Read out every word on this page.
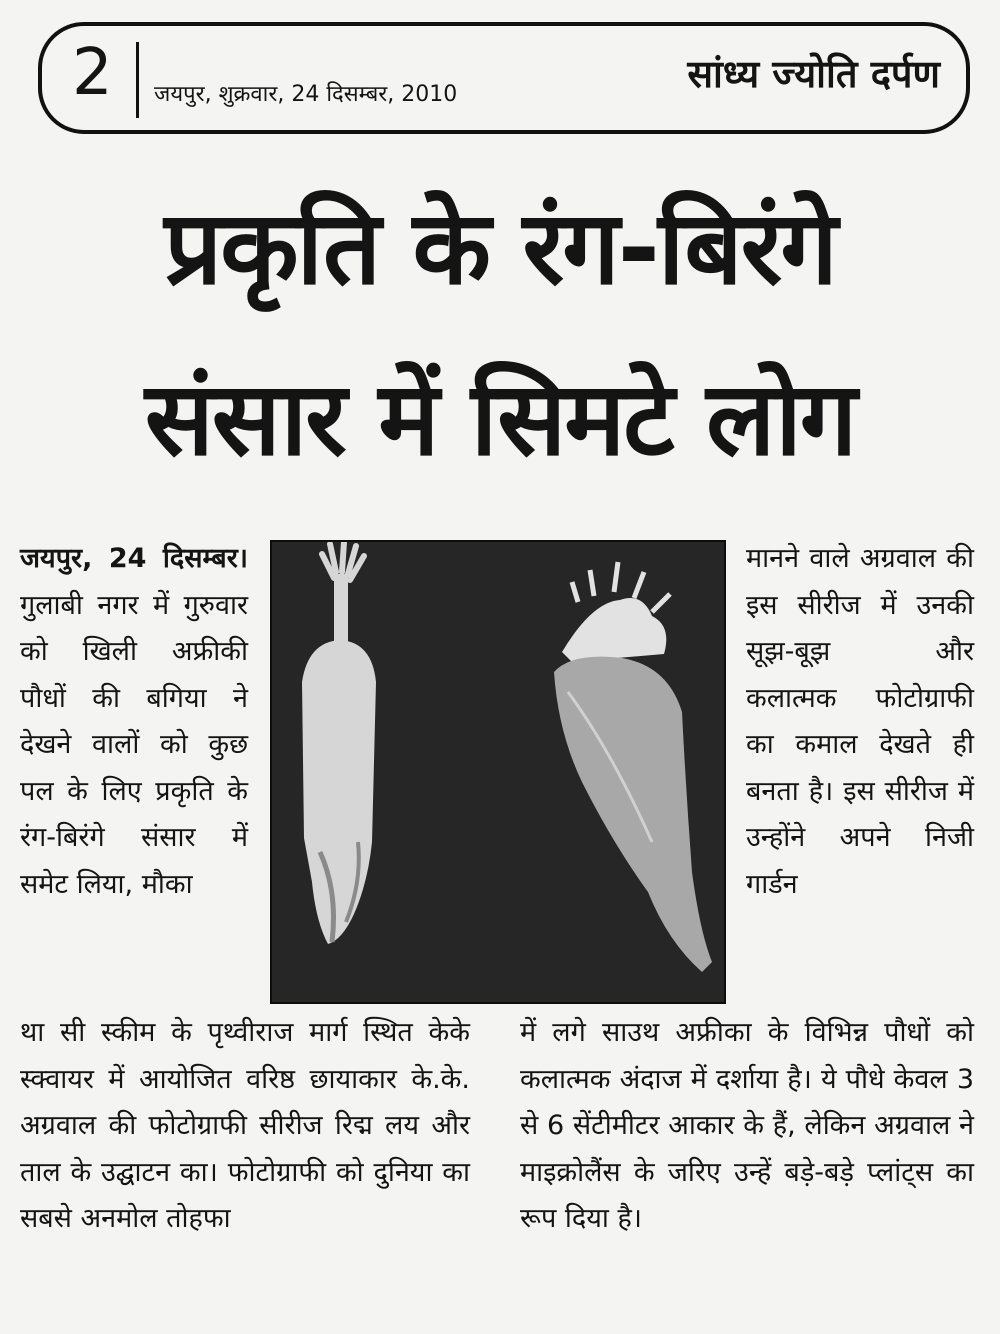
2 जयपुर, शुक्रवार, 24 दिसम्बर, 2010	सांध्य ज्योति दर्पण
प्रकृति के रंग-बिरंगे
संसार में सिमटे लोग

जयपुर, 24 दिसम्बर। गुलाबी नगर में गुरुवार को खिली अफ्रीकी पौधों की बगिया ने देखने वालों को कुछ पल के लिए प्रकृति के रंग-बिरंगे संसार में समेट लिया, मौका

मानने वाले अग्रवाल की इस सीरीज में उनकी सूझ-बूझ और कलात्मक फोटोग्राफी का कमाल देखते ही बनता है। इस सीरीज में उन्होंने अपने निजी गार्डन

था सी स्कीम के पृथ्वीराज मार्ग स्थित केके स्क्वायर में आयोजित वरिष्ठ छायाकार के.के. अग्रवाल की फोटोग्राफी सीरीज रिद्म लय और ताल के उद्घाटन का। फोटोग्राफी को दुनिया का सबसे अनमोल तोहफा

में लगे साउथ अफ्रीका के विभिन्न पौधों को कलात्मक अंदाज में दर्शाया है। ये पौधे केवल 3 से 6 सेंटीमीटर आकार के हैं, लेकिन अग्रवाल ने माइक्रोलैंस के जरिए उन्हें बड़े-बड़े प्लांट्स का रूप दिया है।
